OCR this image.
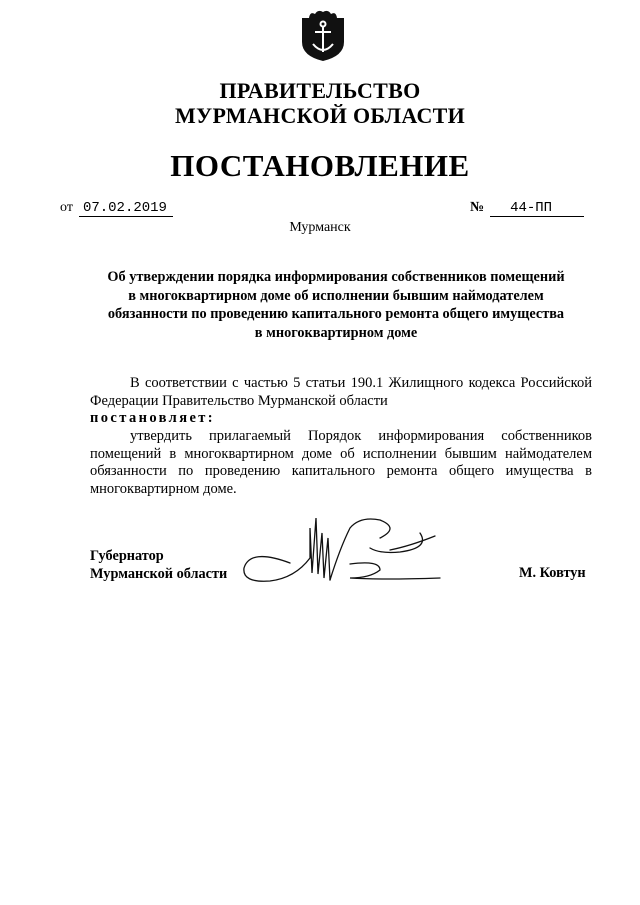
ПРАВИТЕЛЬСТВО
МУРМАНСКОЙ ОБЛАСТИ
ПОСТАНОВЛЕНИЕ
от 07.02.2019	№ 44-ПП
Мурманск
Об утверждении порядка информирования собственников помещений
в многоквартирном доме об исполнении бывшим наймодателем
обязанности по проведению капитального ремонта общего имущества
в многоквартирном доме
В соответствии с частью 5 статьи 190.1 Жилищного кодекса Российской Федерации Правительство Мурманской области
постановляет:
утвердить прилагаемый Порядок информирования собственников помещений в многоквартирном доме об исполнении бывшим наймодателем обязанности по проведению капитального ремонта общего имущества в многоквартирном доме.
Губернатор
Мурманской области	М. Ковтун
